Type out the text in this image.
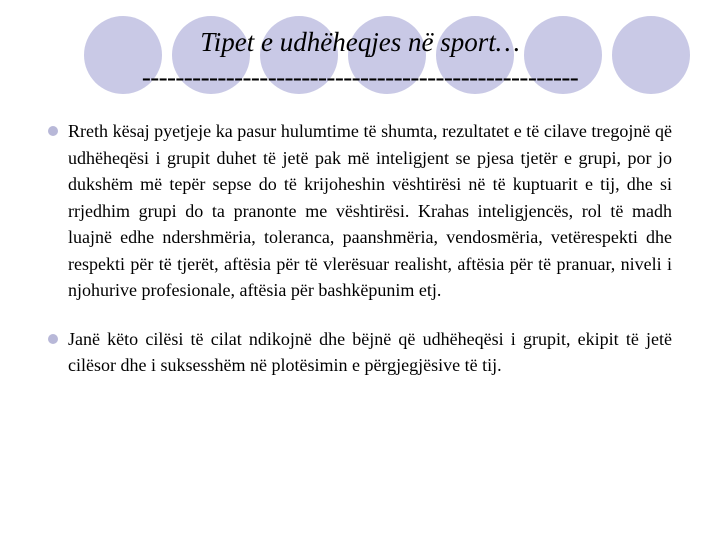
Tipet e udhëheqjes në sport…
----------------------------------------------------
Rreth kësaj pyetjeje ka pasur hulumtime të shumta, rezultatet e të cilave tregojnë që udhëheqësi i grupit duhet të jetë pak më inteligjent se pjesa tjetër e grupi, por jo dukshëm më tepër sepse do të krijoheshin vështirësi në të kuptuarit e tij, dhe si rrjedhim grupi do ta pranonte me vështirësi. Krahas inteligjencës, rol të madh luajnë edhe ndershmëria, toleranca, paanshmëria, vendosmëria, vetërespekti dhe respekti për të tjerët, aftësia për të vlerësuar realisht, aftësia për të pranuar, niveli i njohurive profesionale, aftësia për bashkëpunim etj.
Janë këto cilësi të cilat ndikojnë dhe bëjnë që udhëheqësi i grupit, ekipit të jetë cilësor dhe i suksesshëm në plotësimin e përgjegjësive të tij.
